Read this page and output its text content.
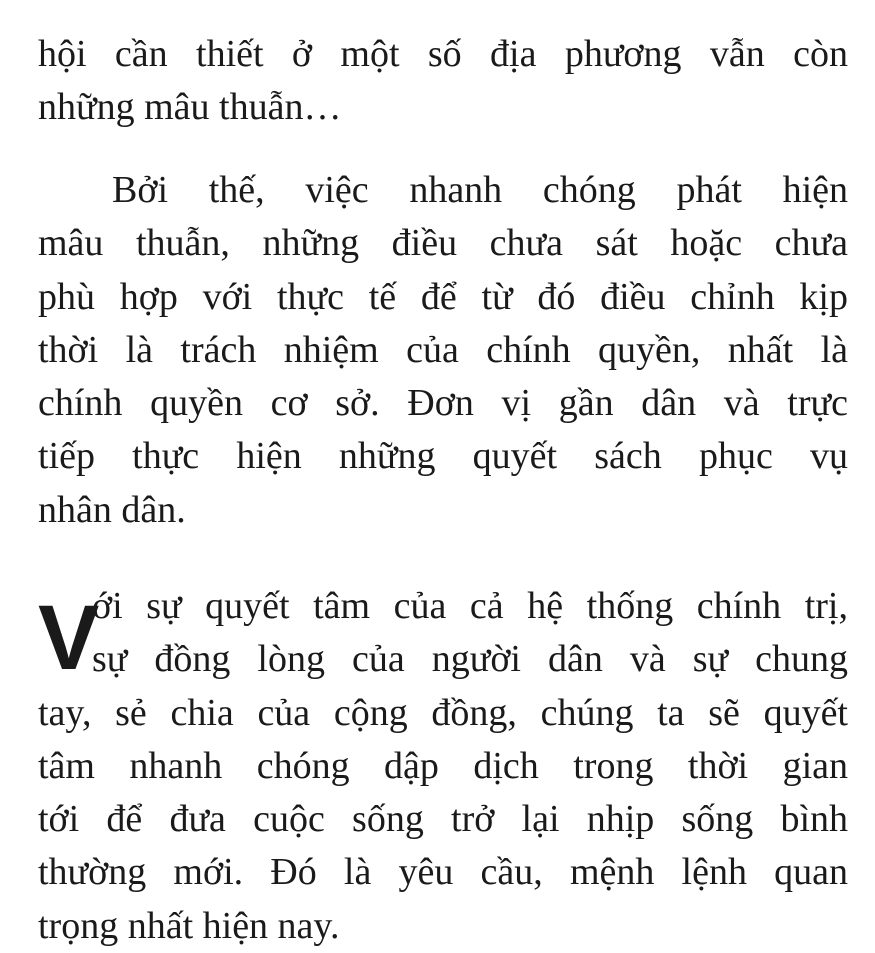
hội cần thiết ở một số địa phương vẫn còn
những mâu thuẫn…
Bởi thế, việc nhanh chóng phát hiện
mâu thuẫn, những điều chưa sát hoặc chưa
phù hợp với thực tế để từ đó điều chỉnh kịp
thời là trách nhiệm của chính quyền, nhất là
chính quyền cơ sở. Đơn vị gần dân và trực
tiếp thực hiện những quyết sách phục vụ
nhân dân.
V
ới sự quyết tâm của cả hệ thống chính trị,
sự đồng lòng của người dân và sự chung
tay, sẻ chia của cộng đồng, chúng ta sẽ quyết
tâm nhanh chóng dập dịch trong thời gian
tới để đưa cuộc sống trở lại nhịp sống bình
thường mới. Đó là yêu cầu, mệnh lệnh quan
trọng nhất hiện nay.
